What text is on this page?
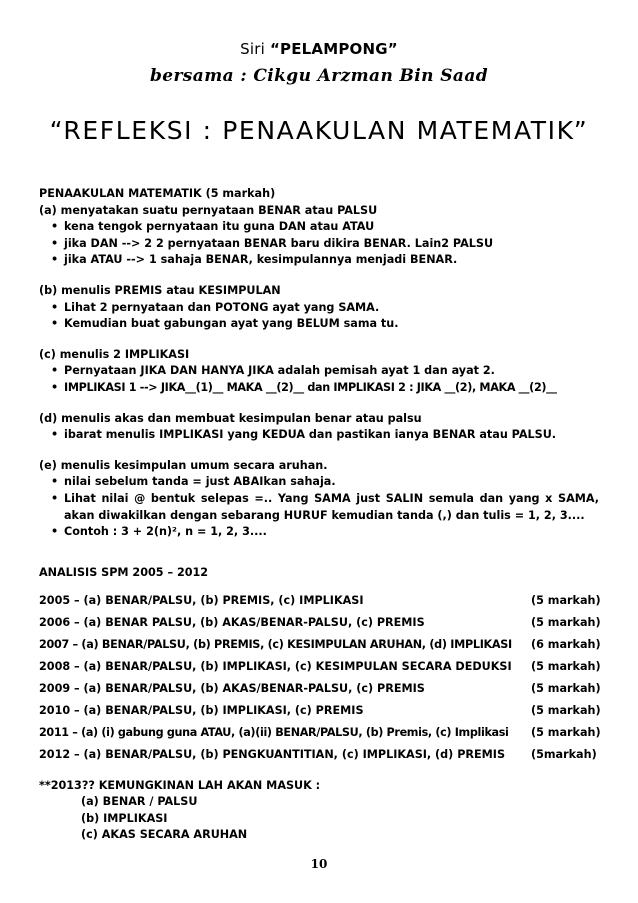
Siri “PELAMPONG”
bersama : Cikgu Arzman Bin Saad
“REFLEKSI : PENAAKULAN MATEMATIK”

PENAAKULAN MATEMATIK (5 markah)

(a) menyatakan suatu pernyataan BENAR atau PALSU

• kena tengok pernyataan itu guna DAN atau ATAU
• jika DAN --> 2 2 pernyataan BENAR baru dikira BENAR. Lain2 PALSU
• jika ATAU --> 1 sahaja BENAR, kesimpulannya menjadi BENAR.

(b) menulis PREMIS atau KESIMPULAN

• Lihat 2 pernyataan dan POTONG ayat yang SAMA.
• Kemudian buat gabungan ayat yang BELUM sama tu.

(c) menulis 2 IMPLIKASI

• Pernyataan JIKA DAN HANYA JIKA adalah pemisah ayat 1 dan ayat 2.
• IMPLIKASI 1 --> JIKA__(1)__ MAKA __(2)__ dan IMPLIKASI 2 : JIKA __(2), MAKA __(2)__

(d) menulis akas dan membuat kesimpulan benar atau palsu

• ibarat menulis IMPLIKASI yang KEDUA dan pastikan ianya BENAR atau PALSU.

(e) menulis kesimpulan umum secara aruhan.

• nilai sebelum tanda = just ABAIkan sahaja.
• Lihat nilai @ bentuk selepas =.. Yang SAMA just SALIN semula dan yang x SAMA, akan diwakilkan dengan sebarang HURUF kemudian tanda (,) dan tulis = 1, 2, 3....
• Contoh : 3 + 2(n)², n = 1, 2, 3....
ANALISIS SPM 2005 – 2012
2005 – (a) BENAR/PALSU, (b) PREMIS, (c) IMPLIKASI	(5 markah)
2006 – (a) BENAR PALSU, (b) AKAS/BENAR-PALSU, (c) PREMIS	(5 markah)
2007 – (a) BENAR/PALSU, (b) PREMIS, (c) KESIMPULAN ARUHAN, (d) IMPLIKASI (6 markah)
2008 – (a) BENAR/PALSU, (b) IMPLIKASI, (c) KESIMPULAN SECARA DEDUKSI (5 markah)
2009 – (a) BENAR/PALSU, (b) AKAS/BENAR-PALSU, (c) PREMIS	(5 markah)
2010 – (a) BENAR/PALSU, (b) IMPLIKASI, (c) PREMIS	(5 markah)
2011 – (a) (i) gabung guna ATAU, (a)(ii) BENAR/PALSU, (b) Premis, (c) Implikasi (5 markah)
2012 – (a) BENAR/PALSU, (b) PENGKUANTITIAN, (c) IMPLIKASI, (d) PREMIS (5markah)
**2013?? KEMUNGKINAN LAH AKAN MASUK :
(a) BENAR / PALSU
(b) IMPLIKASI
(c) AKAS SECARA ARUHAN
10
